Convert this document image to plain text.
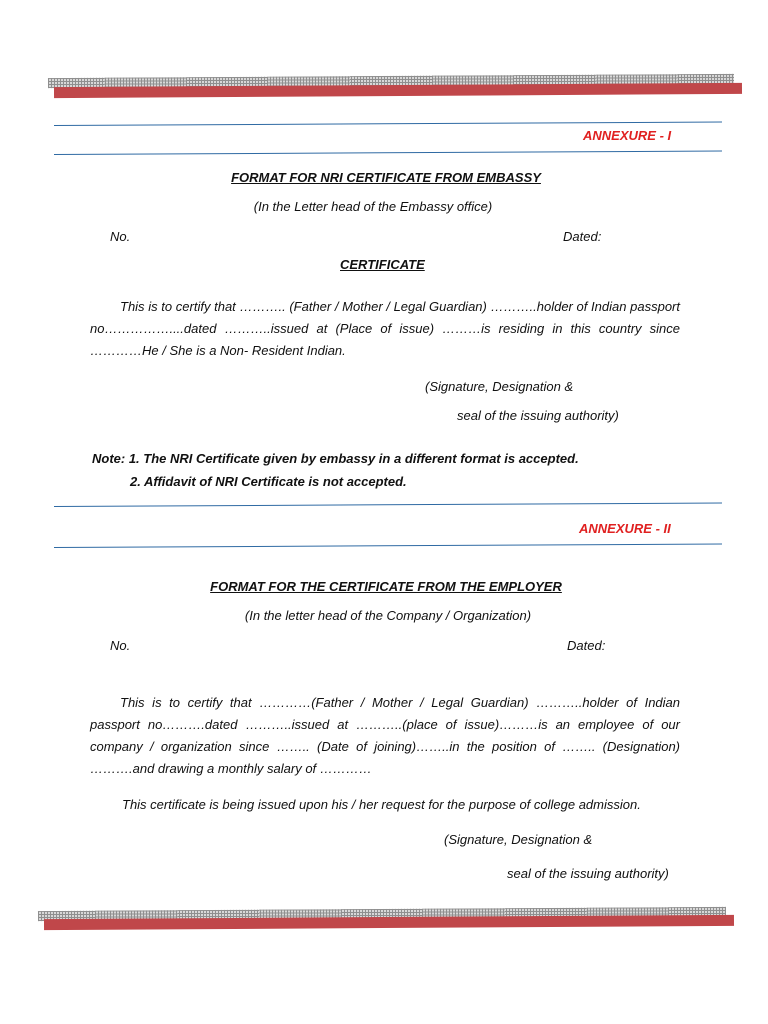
ANNEXURE - I
FORMAT FOR NRI CERTIFICATE FROM EMBASSY
(In the Letter head of the Embassy office)
No.	Dated:
CERTIFICATE
This is to certify that ……….. (Father / Mother / Legal Guardian) ………..holder of Indian passport no……………....dated ………..issued at (Place of issue) ………is residing in this country since …………He / She is a Non- Resident Indian.
(Signature, Designation &
seal of the issuing authority)
Note: 1. The NRI Certificate given by embassy in a different format is accepted.
2. Affidavit of NRI Certificate is not accepted.
ANNEXURE - II
FORMAT FOR THE CERTIFICATE FROM THE EMPLOYER
(In the letter head of the Company / Organization)
No.	Dated:
This is to certify that …………(Father / Mother / Legal Guardian) ………..holder of Indian passport no……….dated ………..issued at ………..(place of issue)………is an employee of our company / organization since …….. (Date of joining)……..in the position of …….. (Designation) ……….and drawing a monthly salary of …………
This certificate is being issued upon his / her request for the purpose of college admission.
(Signature, Designation &
seal of the issuing authority)
